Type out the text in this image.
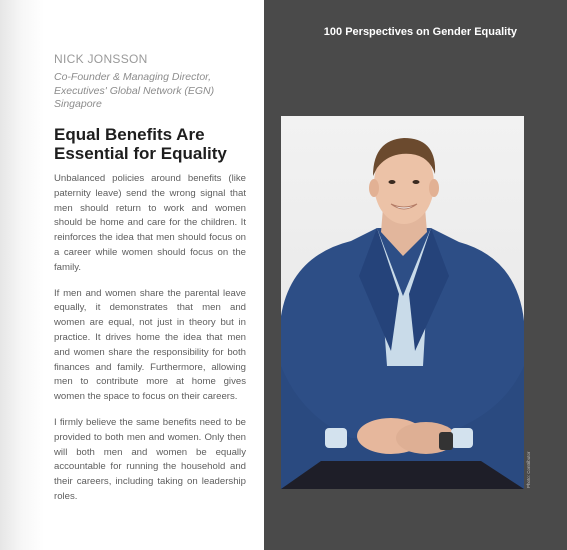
NICK JONSSON
Co-Founder & Managing Director,
Executives' Global Network (EGN)
Singapore
Equal Benefits Are Essential for Equality

Unbalanced policies around benefits (like paternity leave) send the wrong signal that men should return to work and women should be home and care for the children. It reinforces the idea that men should focus on a career while women should focus on the family.

If men and women share the parental leave equally, it demonstrates that men and women are equal, not just in theory but in practice. It drives home the idea that men and women share the responsibility for both finances and family. Furthermore, allowing men to contribute more at home gives women the space to focus on their careers.

I firmly believe the same benefits need to be provided to both men and women. Only then will both men and women be equally accountable for running the household and their careers, including taking on leadership roles.

100 Perspectives on Gender Equality
Photo: Contributor
